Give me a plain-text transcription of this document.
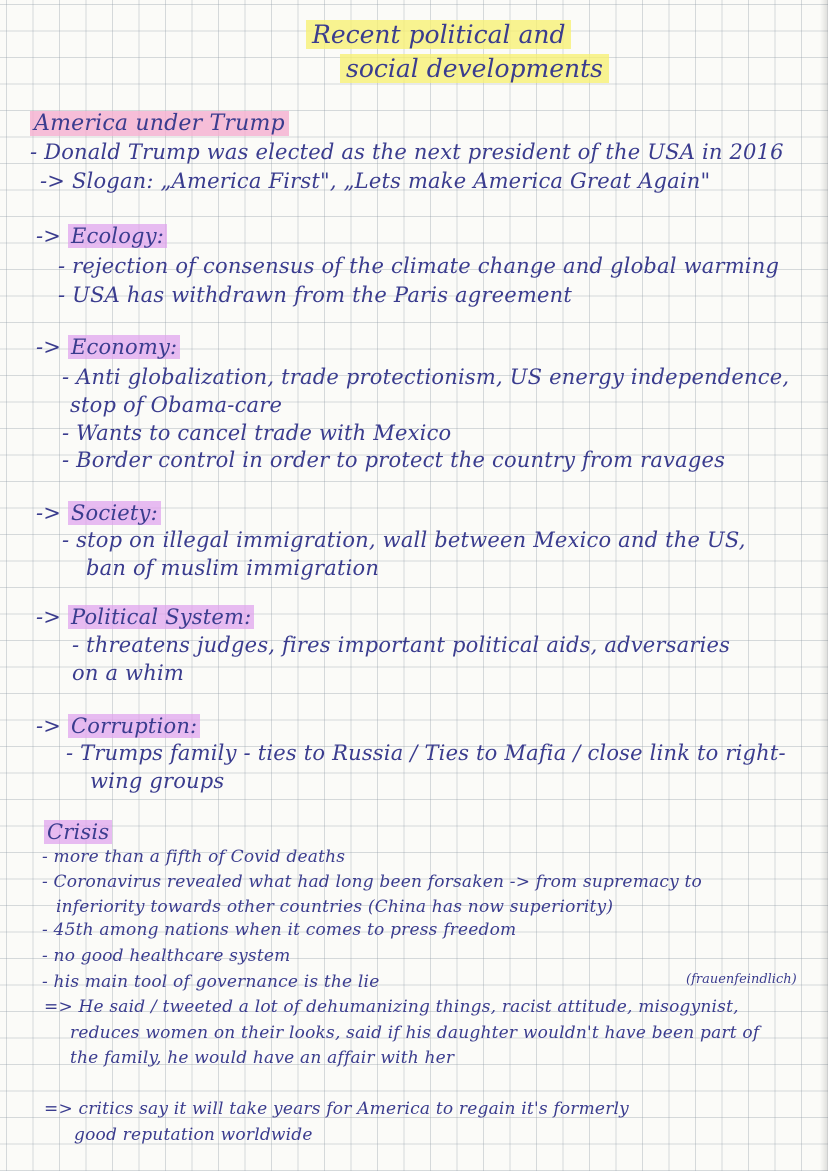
Recent political and
social developments
America under Trump
- Donald Trump was elected as the next president of the USA in 2016
-> Slogan: „America First", „Lets make America Great Again"
-> Ecology:
- rejection of consensus of the climate change and global warming
- USA has withdrawn from the Paris agreement
-> Economy:
- Anti globalization, trade protectionism, US energy independence,
stop of Obama-care
- Wants to cancel trade with Mexico
- Border control in order to protect the country from ravages
-> Society:
- stop on illegal immigration, wall between Mexico and the US,
ban of muslim immigration
-> Political System:
- threatens judges, fires important political aids, adversaries
on a whim
-> Corruption:
- Trumps family - ties to Russia / Ties to Mafia / close link to right-
wing groups
Crisis
- more than a fifth of Covid deaths
- Coronavirus revealed what had long been forsaken -> from supremacy to
inferiority towards other countries (China has now superiority)
- 45th among nations when it comes to press freedom
- no good healthcare system
- his main tool of governance is the lie	(frauenfeindlich)
=> He said / tweeted a lot of dehumanizing things, racist attitude, misogynist,
reduces women on their looks, said if his daughter wouldn't have been part of
the family, he would have an affair with her
=> critics say it will take years for America to regain it's formerly
good reputation worldwide
